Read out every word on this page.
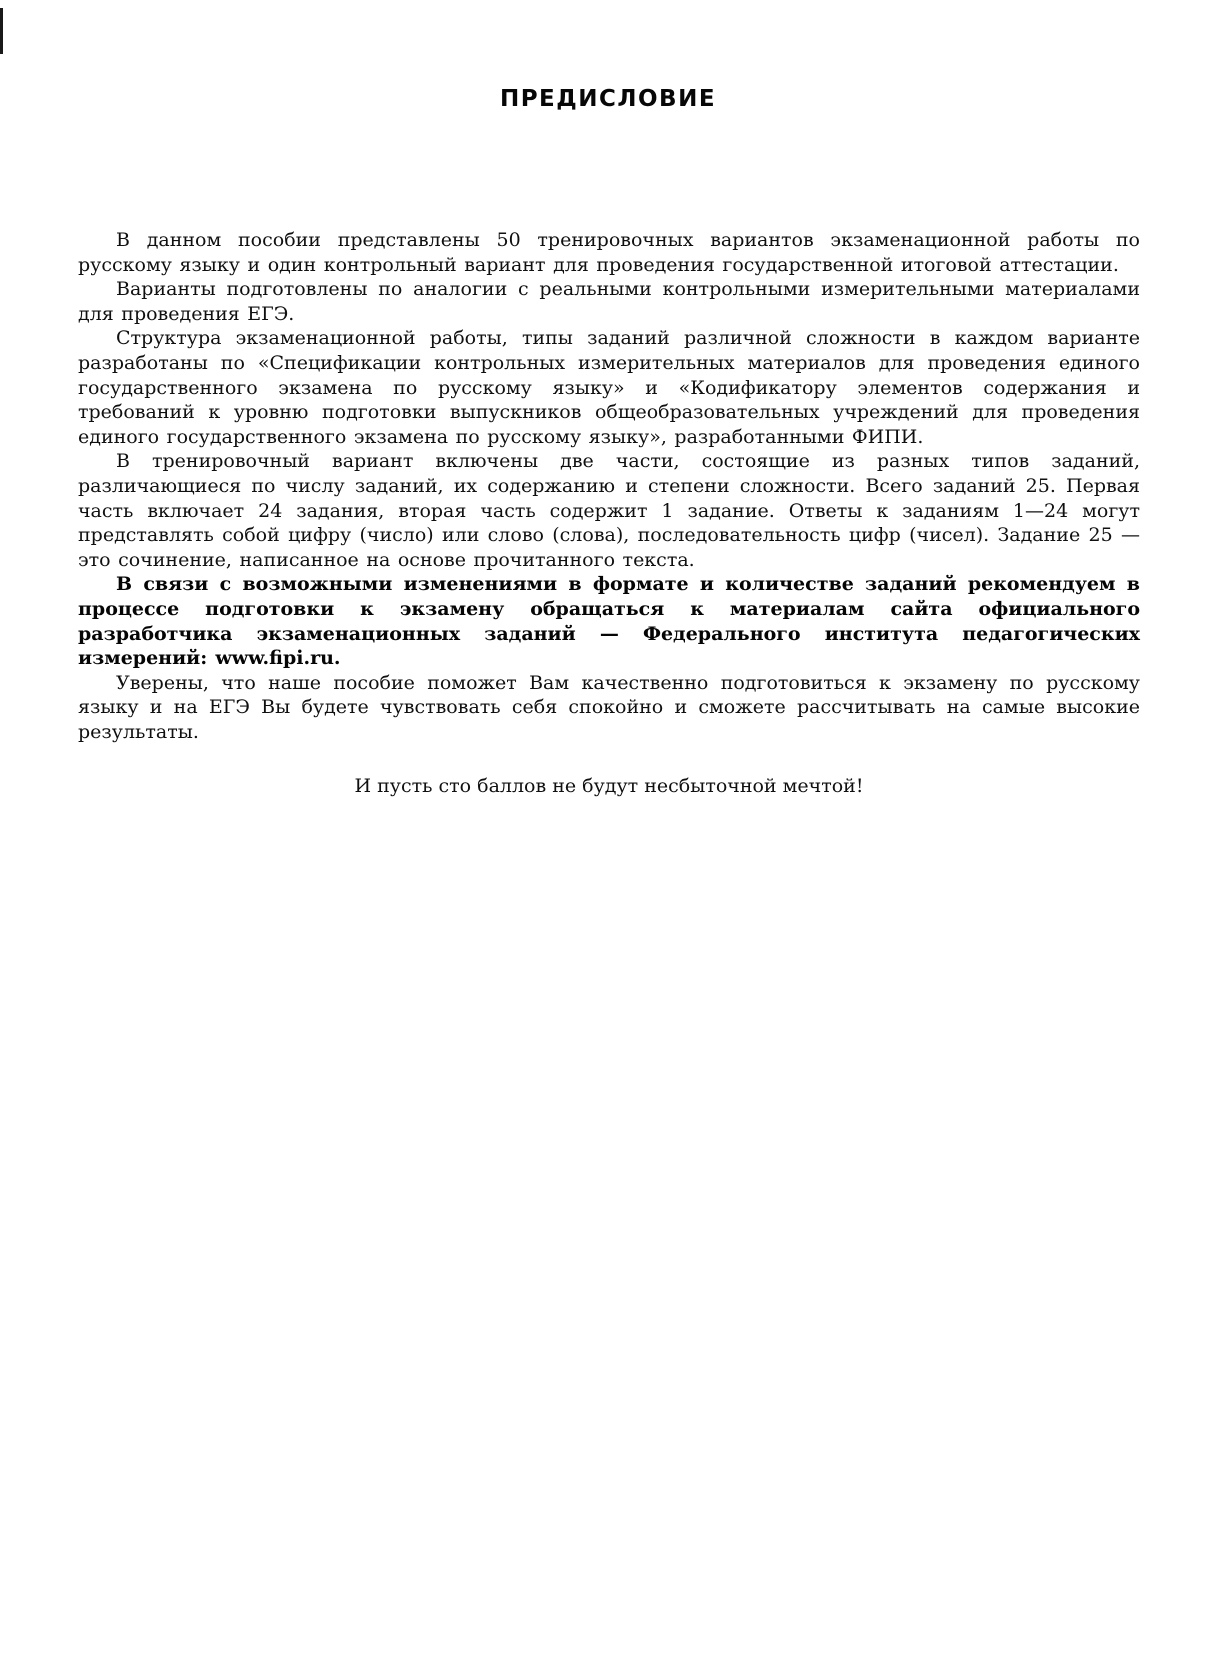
ПРЕДИСЛОВИЕ

В данном пособии представлены 50 тренировочных вариантов экзаменационной работы по русскому языку и один контрольный вариант для проведения государственной итоговой аттестации.

Варианты подготовлены по аналогии с реальными контрольными измерительными материалами для проведения ЕГЭ.

Структура экзаменационной работы, типы заданий различной сложности в каждом варианте разработаны по «Спецификации контрольных измерительных материалов для проведения единого государственного экзамена по русскому языку» и «Кодификатору элементов содержания и требований к уровню подготовки выпускников общеобразовательных учреждений для проведения единого государственного экзамена по русскому языку», разработанными ФИПИ.

В тренировочный вариант включены две части, состоящие из разных типов заданий, различающиеся по числу заданий, их содержанию и степени сложности. Всего заданий 25. Первая часть включает 24 задания, вторая часть содержит 1 задание. Ответы к заданиям 1—24 могут представлять собой цифру (число) или слово (слова), последовательность цифр (чисел). Задание 25 — это сочинение, написанное на основе прочитанного текста.

В связи с возможными изменениями в формате и количестве заданий рекомендуем в процессе подготовки к экзамену обращаться к материалам сайта официального разработчика экзаменационных заданий — Федерального института педагогических измерений: www.fipi.ru.

Уверены, что наше пособие поможет Вам качественно подготовиться к экзамену по русскому языку и на ЕГЭ Вы будете чувствовать себя спокойно и сможете рассчитывать на самые высокие результаты.

И пусть сто баллов не будут несбыточной мечтой!
